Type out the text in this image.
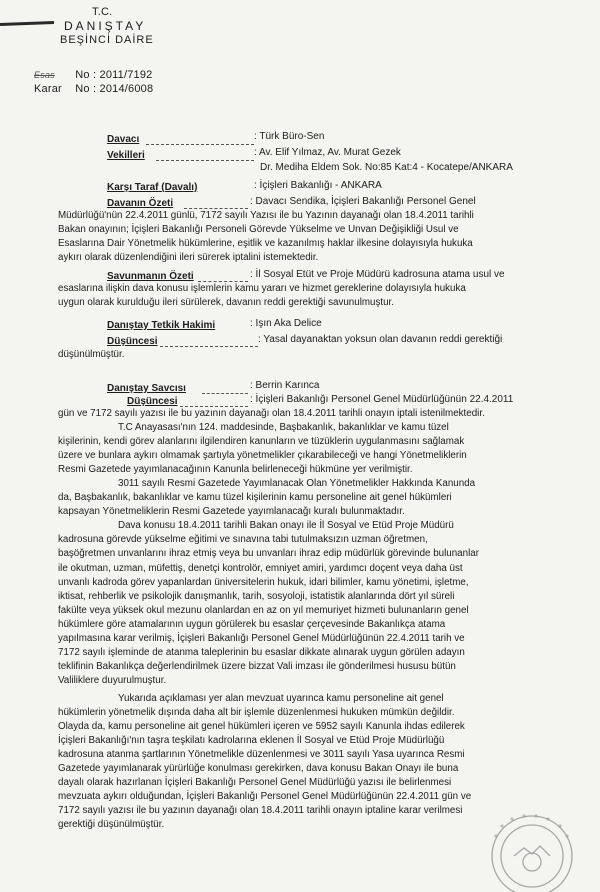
T.C.
DANIŞTAY
BEŞİNCİ DAİRE
Esas No : 2011/7192
Karar No : 2014/6008
Davacı	: Türk Büro-Sen
Vekilleri	: Av. Elif Yılmaz, Av. Murat Gezek
Dr. Mediha Eldem Sok. No:85 Kat:4 - Kocatepe/ANKARA
Karşı Taraf (Davalı)	: İçişleri Bakanlığı - ANKARA
Davanın Özeti	: Davacı Sendika, İçişleri Bakanlığı Personel Genel
Müdürlüğü'nün 22.4.2011 günlü, 7172 sayılı Yazısı ile bu Yazının dayanağı olan 18.4.2011 tarihli
Bakan onayının; İçişleri Bakanlığı Personeli Görevde Yükselme ve Unvan Değişikliği Usul ve
Esaslarına Dair Yönetmelik hükümlerine, eşitlik ve kazanılmış haklar ilkesine dolayısıyla hukuka
aykırı olarak düzenlendiğini ileri sürerek iptalini istemektedir.
Savunmanın Özeti	: İl Sosyal Etüt ve Proje Müdürü kadrosuna atama usul ve
esaslarına ilişkin dava konusu işlemlerin kamu yararı ve hizmet gereklerine dolayısıyla hukuka
uygun olarak kurulduğu ileri sürülerek, davanın reddi gerektiği savunulmuştur.
Danıştay Tetkik Hakimi	: Işın Aka Delice
Düşüncesi	: Yasal dayanaktan yoksun olan davanın reddi gerektiği
düşünülmüştür.
Danıştay Savcısı	: Berrin Karınca
Düşüncesi	: İçişleri Bakanlığı Personel Genel Müdürlüğünün 22.4.2011
gün ve 7172 sayılı yazısı ile bu yazının dayanağı olan 18.4.2011 tarihli onayın iptali istenilmektedir.
T.C Anayasası'nın 124. maddesinde, Başbakanlık, bakanlıklar ve kamu tüzel
kişilerinin, kendi görev alanlarını ilgilendiren kanunların ve tüzüklerin uygulanmasını sağlamak
üzere ve bunlara aykırı olmamak şartıyla yönetmelikler çıkarabileceği ve hangi Yönetmeliklerin
Resmi Gazetede yayımlanacağının Kanunla belirleneceği hükmüne yer verilmiştir.
3011 sayılı Resmi Gazetede Yayımlanacak Olan Yönetmelikler Hakkında Kanunda
da, Başbakanlık, bakanlıklar ve kamu tüzel kişilerinin kamu personeline ait genel hükümleri
kapsayan Yönetmeliklerin Resmi Gazetede yayımlanacağı kuralı bulunmaktadır.
Dava konusu 18.4.2011 tarihli Bakan onayı ile İl Sosyal ve Etüd Proje Müdürü
kadrosuna görevde yükselme eğitimi ve sınavına tabi tutulmaksızın uzman öğretmen,
başöğretmen unvanlarını ihraz etmiş veya bu unvanları ihraz edip müdürlük görevinde bulunanlar
ile okutman, uzman, müfettiş, denetçi kontrolör, emniyet amiri, yardımcı doçent veya daha üst
unvanlı kadroda görev yapanlardan üniversitelerin hukuk, idari bilimler, kamu yönetimi, işletme,
iktisat, rehberlik ve psikolojik danışmanlık, tarih, sosyoloji, istatistik alanlarında dört yıl süreli
fakülte veya yüksek okul mezunu olanlardan en az on yıl memuriyet hizmeti bulunanların genel
hükümlere göre atamalarının uygun görülerek bu esaslar çerçevesinde Bakanlıkça atama
yapılmasına karar verilmiş, İçişleri Bakanlığı Personel Genel Müdürlüğünün 22.4.2011 tarih ve
7172 sayılı işleminde de atanma taleplerinin bu esaslar dikkate alınarak uygun görülen adayın
teklifinin Bakanlıkça değerlendirilmek üzere bizzat Vali imzası ile gönderilmesi hususu bütün
Valiliklere duyurulmuştur.
Yukarıda açıklaması yer alan mevzuat uyarınca kamu personeline ait genel
hükümlerin yönetmelik dışında daha alt bir işlemle düzenlenmesi hukuken mümkün değildir.
Olayda da, kamu personeline ait genel hükümleri içeren ve 5952 sayılı Kanunla ihdas edilerek
İçişleri Bakanlığı'nın taşra teşkilatı kadrolarına eklenen İl Sosyal ve Etüd Proje Müdürlüğü
kadrosuna atanma şartlarının Yönetmelikle düzenlenmesi ve 3011 sayılı Yasa uyarınca Resmi
Gazetede yayımlanarak yürürlüğe konulması gerekirken, dava konusu Bakan Onayı ile buna
dayalı olarak hazırlanan İçişleri Bakanlığı Personel Genel Müdürlüğü yazısı ile belirlenmesi
mevzuata aykırı olduğundan, İçişleri Bakanlığı Personel Genel Müdürlüğünün 22.4.2011 gün ve
7172 sayılı yazısı ile bu yazının dayanağı olan 18.4.2011 tarihli onayın iptaline karar verilmesi
gerektiği düşünülmüştür.
